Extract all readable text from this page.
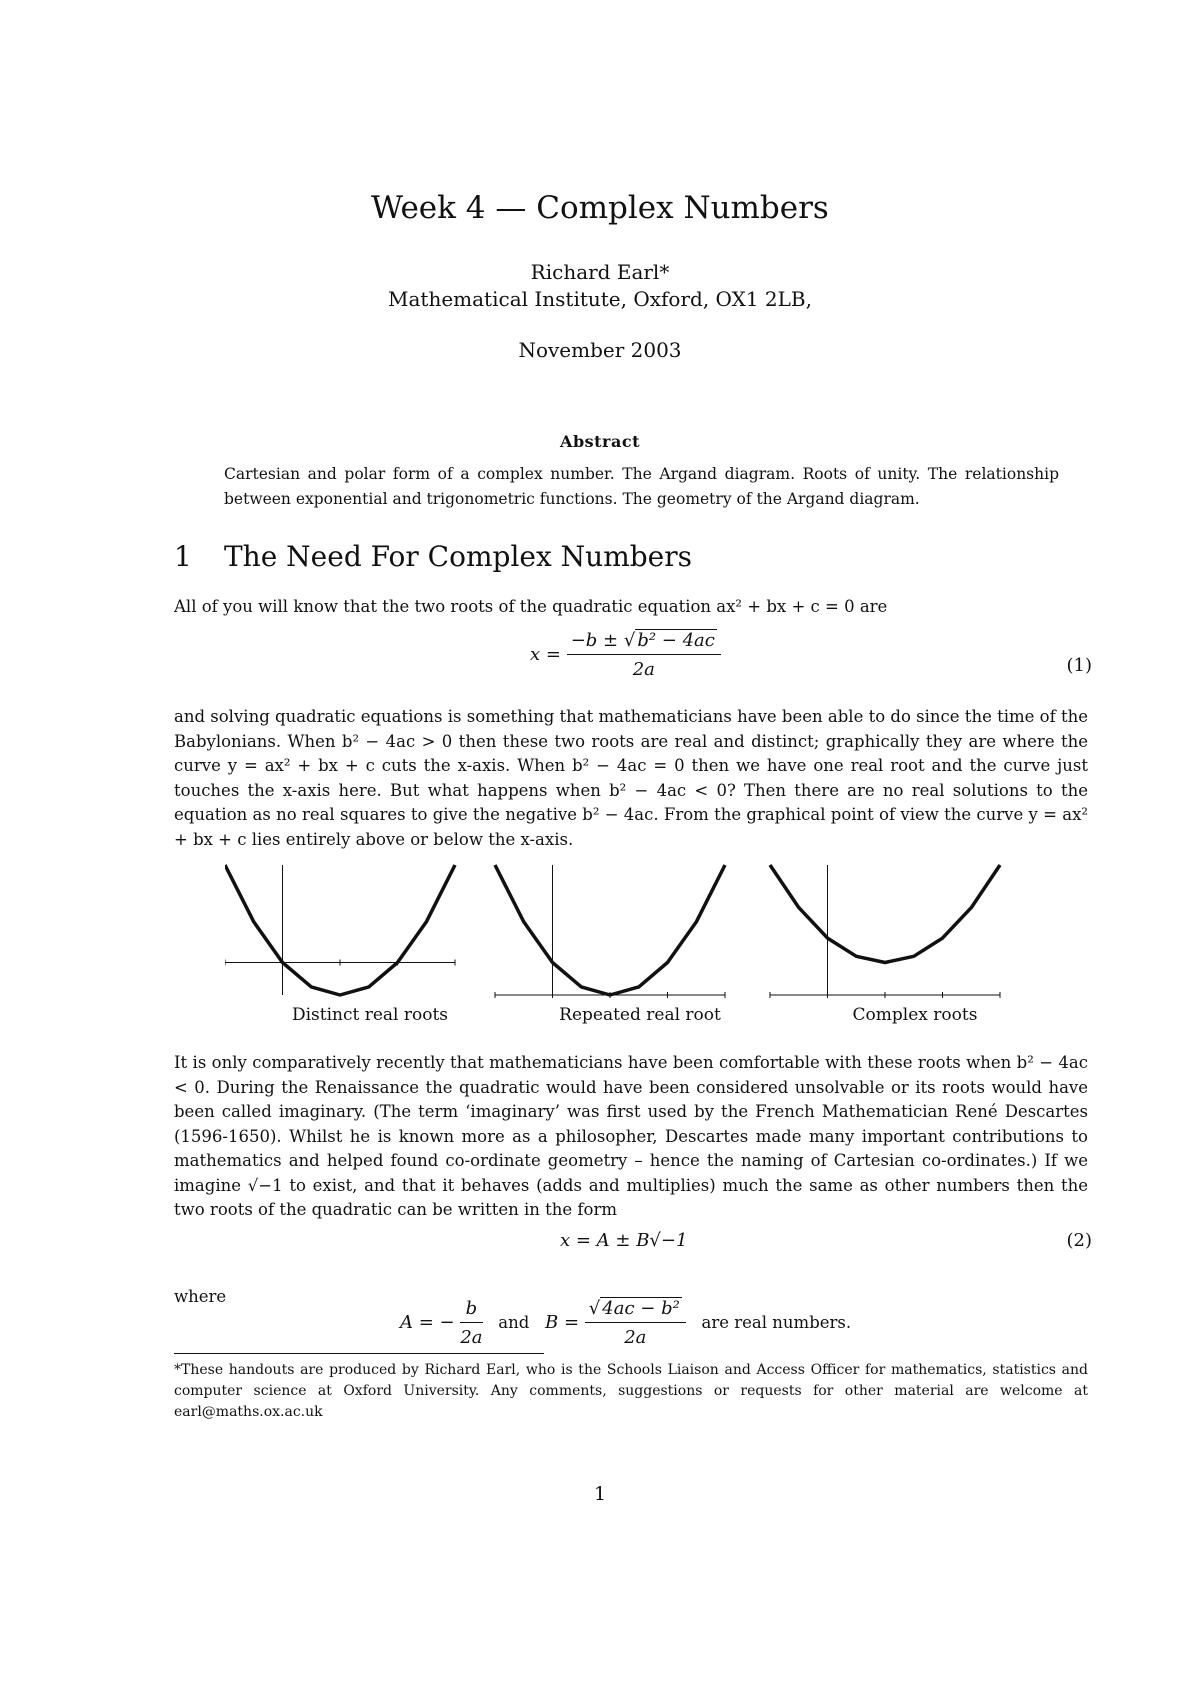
Week 4 — Complex Numbers
Richard Earl*
Mathematical Institute, Oxford, OX1 2LB,
November 2003
Abstract
Cartesian and polar form of a complex number. The Argand diagram. Roots of unity. The relationship between exponential and trigonometric functions. The geometry of the Argand diagram.
1 The Need For Complex Numbers
All of you will know that the two roots of the quadratic equation ax² + bx + c = 0 are
$x = \frac{\text{−b ± √ b² − 4ac}}{2a}$	(1)
and solving quadratic equations is something that mathematicians have been able to do since the time of the Babylonians. When b² − 4ac > 0 then these two roots are real and distinct; graphically they are where the curve y = ax² + bx + c cuts the x-axis. When b² − 4ac = 0 then we have one real root and the curve just touches the x-axis here. But what happens when b² − 4ac < 0? Then there are no real solutions to the equation as no real squares to give the negative b² − 4ac. From the graphical point of view the curve y = ax² + bx + c lies entirely above or below the x-axis.
Distinct real roots	Repeated real root	Complex roots
It is only comparatively recently that mathematicians have been comfortable with these roots when b² − 4ac < 0. During the Renaissance the quadratic would have been considered unsolvable or its roots would have been called imaginary. (The term ‘imaginary’ was first used by the French Mathematician René Descartes (1596-1650). Whilst he is known more as a philosopher, Descartes made many important contributions to mathematics and helped found co-ordinate geometry – hence the naming of Cartesian co-ordinates.) If we imagine √−1 to exist, and that it behaves (adds and multiplies) much the same as other numbers then the two roots of the quadratic can be written in the form
x = A ± B√−1	(2)
where
A = − $\frac{b}{2a}$ and $B = \frac{\text{√ 4ac − b²}}{2a}$ are real numbers.
*These handouts are produced by Richard Earl, who is the Schools Liaison and Access Officer for mathematics, statistics and computer science at Oxford University. Any comments, suggestions or requests for other material are welcome at earl@maths.ox.ac.uk
1
